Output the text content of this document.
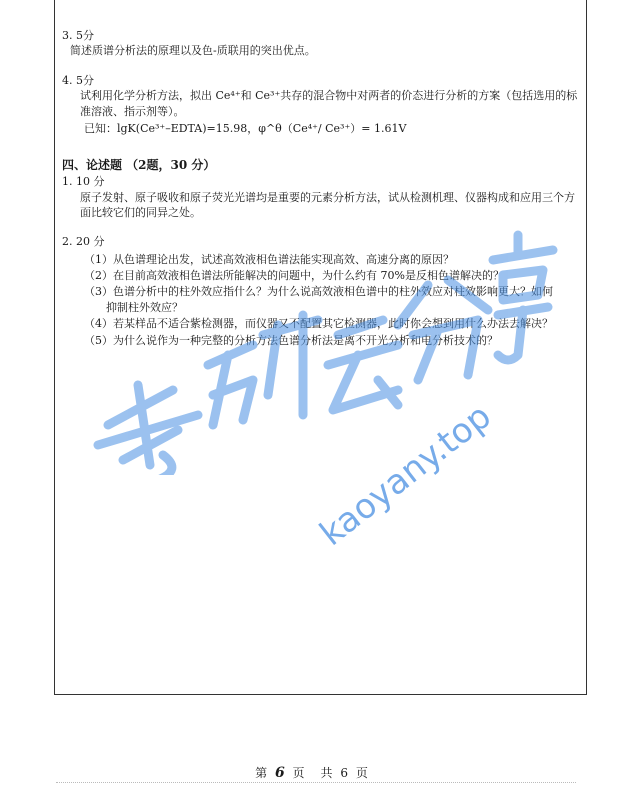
3. 5分

简述质谱分析法的原理以及色-质联用的突出优点。

4. 5分

试利用化学分析方法，拟出 Ce⁴⁺和 Ce³⁺共存的混合物中对两者的价态进行分析的方案（包括选用的标准溶液、指示剂等）。

已知：lgK(Ce³⁺–EDTA)=15.98，φ^θ（Ce⁴⁺/ Ce³⁺）= 1.61V

四、论述题 （2题，30 分）

1. 10 分

原子发射、原子吸收和原子荧光光谱均是重要的元素分析方法，试从检测机理、仪器构成和应用三个方面比较它们的同异之处。

2. 20 分

（1）从色谱理论出发，试述高效液相色谱法能实现高效、高速分离的原因？
（2）在目前高效液相色谱法所能解决的问题中，为什么约有 70%是反相色谱解决的？
（3）色谱分析中的柱外效应指什么？为什么说高效液相色谱中的柱外效应对柱效影响更大？如何
抑制柱外效应？
（4）若某样品不适合紫检测器，而仪器又不配置其它检测器，此时你会想到用什么办法去解决？
（5）为什么说作为一种完整的分析方法色谱分析法是离不开光分析和电分析技术的？
kaoyany.top
第 6 页　共 6 页
